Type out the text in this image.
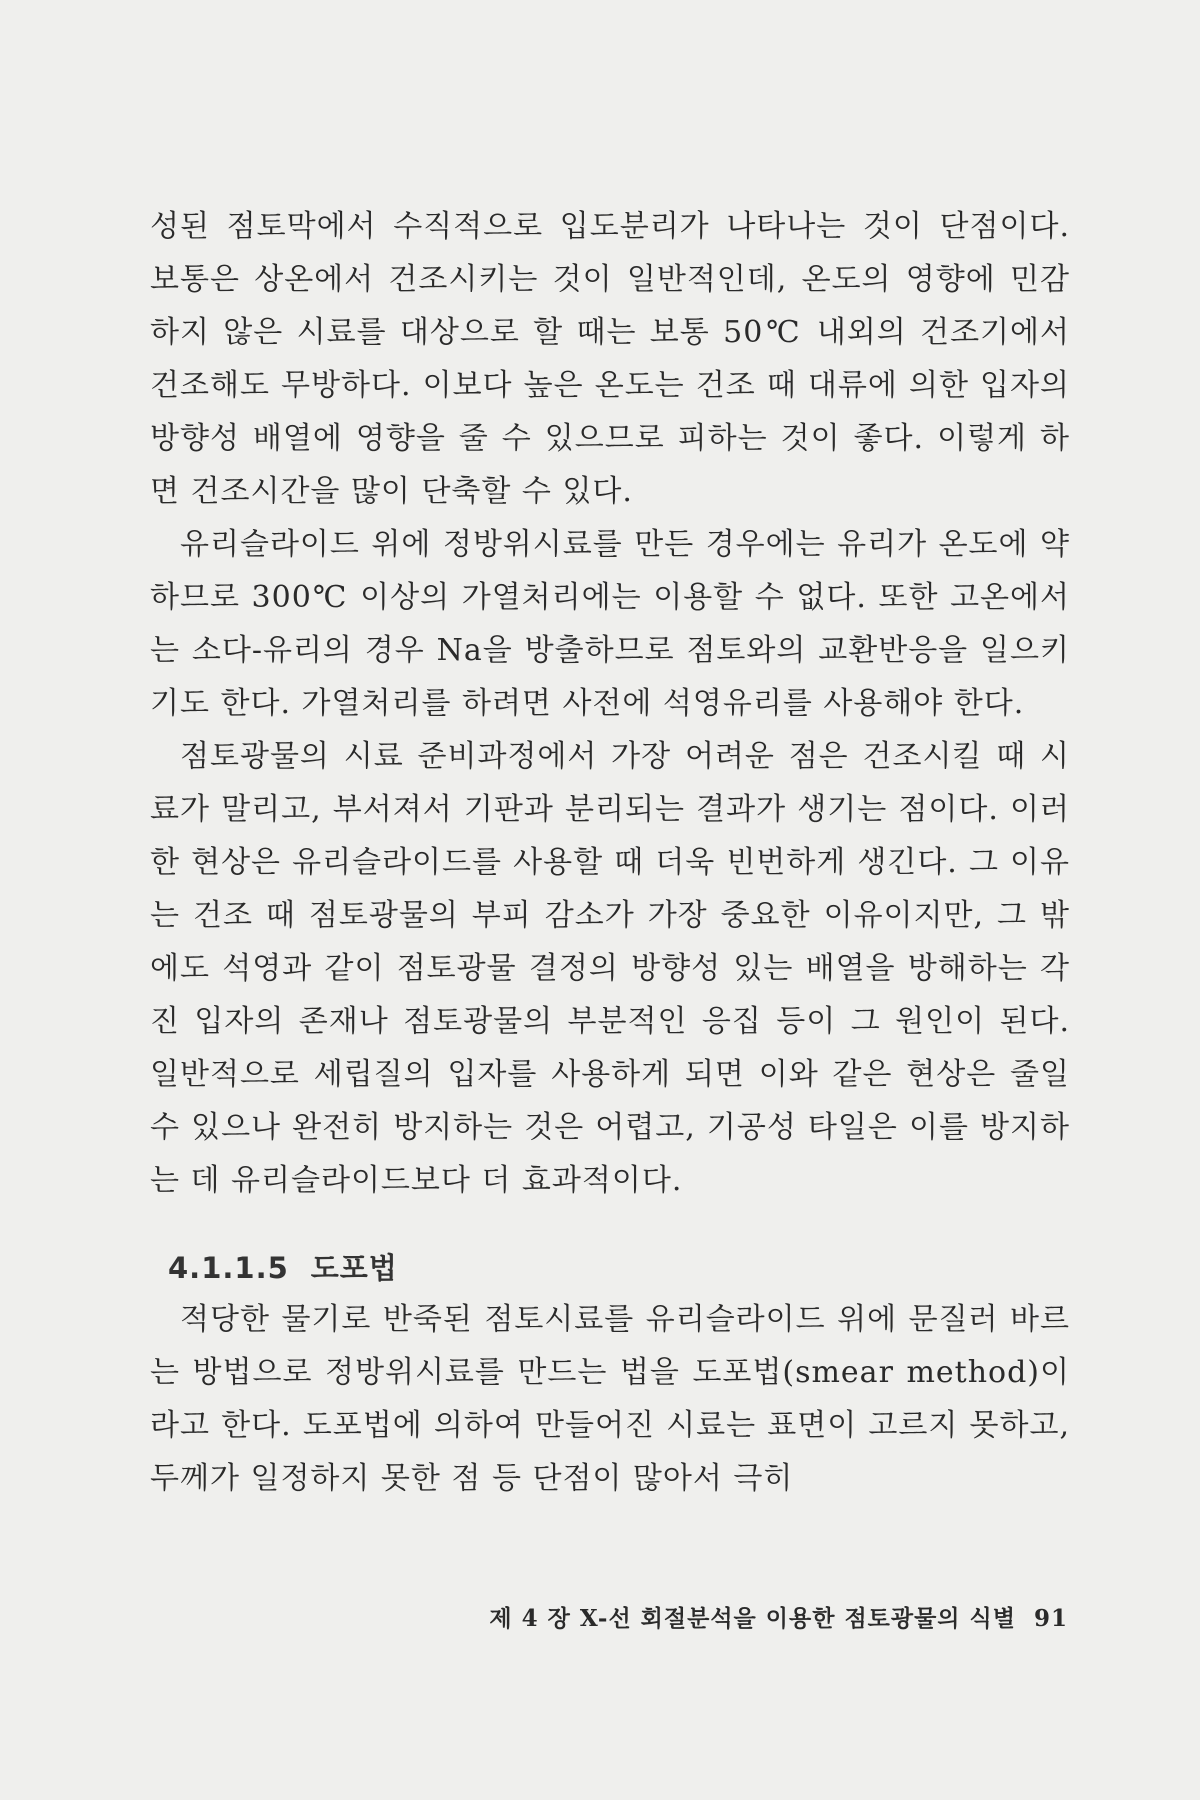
성된 점토막에서 수직적으로 입도분리가 나타나는 것이 단점이다. 보통은 상온에서 건조시키는 것이 일반적인데, 온도의 영향에 민감하지 않은 시료를 대상으로 할 때는 보통 50℃ 내외의 건조기에서 건조해도 무방하다. 이보다 높은 온도는 건조 때 대류에 의한 입자의 방향성 배열에 영향을 줄 수 있으므로 피하는 것이 좋다. 이렇게 하면 건조시간을 많이 단축할 수 있다.

유리슬라이드 위에 정방위시료를 만든 경우에는 유리가 온도에 약하므로 300℃ 이상의 가열처리에는 이용할 수 없다. 또한 고온에서는 소다-유리의 경우 Na을 방출하므로 점토와의 교환반응을 일으키기도 한다. 가열처리를 하려면 사전에 석영유리를 사용해야 한다.

점토광물의 시료 준비과정에서 가장 어려운 점은 건조시킬 때 시료가 말리고, 부서져서 기판과 분리되는 결과가 생기는 점이다. 이러한 현상은 유리슬라이드를 사용할 때 더욱 빈번하게 생긴다. 그 이유는 건조 때 점토광물의 부피 감소가 가장 중요한 이유이지만, 그 밖에도 석영과 같이 점토광물 결정의 방향성 있는 배열을 방해하는 각진 입자의 존재나 점토광물의 부분적인 응집 등이 그 원인이 된다. 일반적으로 세립질의 입자를 사용하게 되면 이와 같은 현상은 줄일 수 있으나 완전히 방지하는 것은 어렵고, 기공성 타일은 이를 방지하는 데 유리슬라이드보다 더 효과적이다.

4.1.1.5 도포법

적당한 물기로 반죽된 점토시료를 유리슬라이드 위에 문질러 바르는 방법으로 정방위시료를 만드는 법을 도포법(smear method)이라고 한다. 도포법에 의하여 만들어진 시료는 표면이 고르지 못하고, 두께가 일정하지 못한 점 등 단점이 많아서 극히

제 4 장 X-선 회절분석을 이용한 점토광물의 식별 91
